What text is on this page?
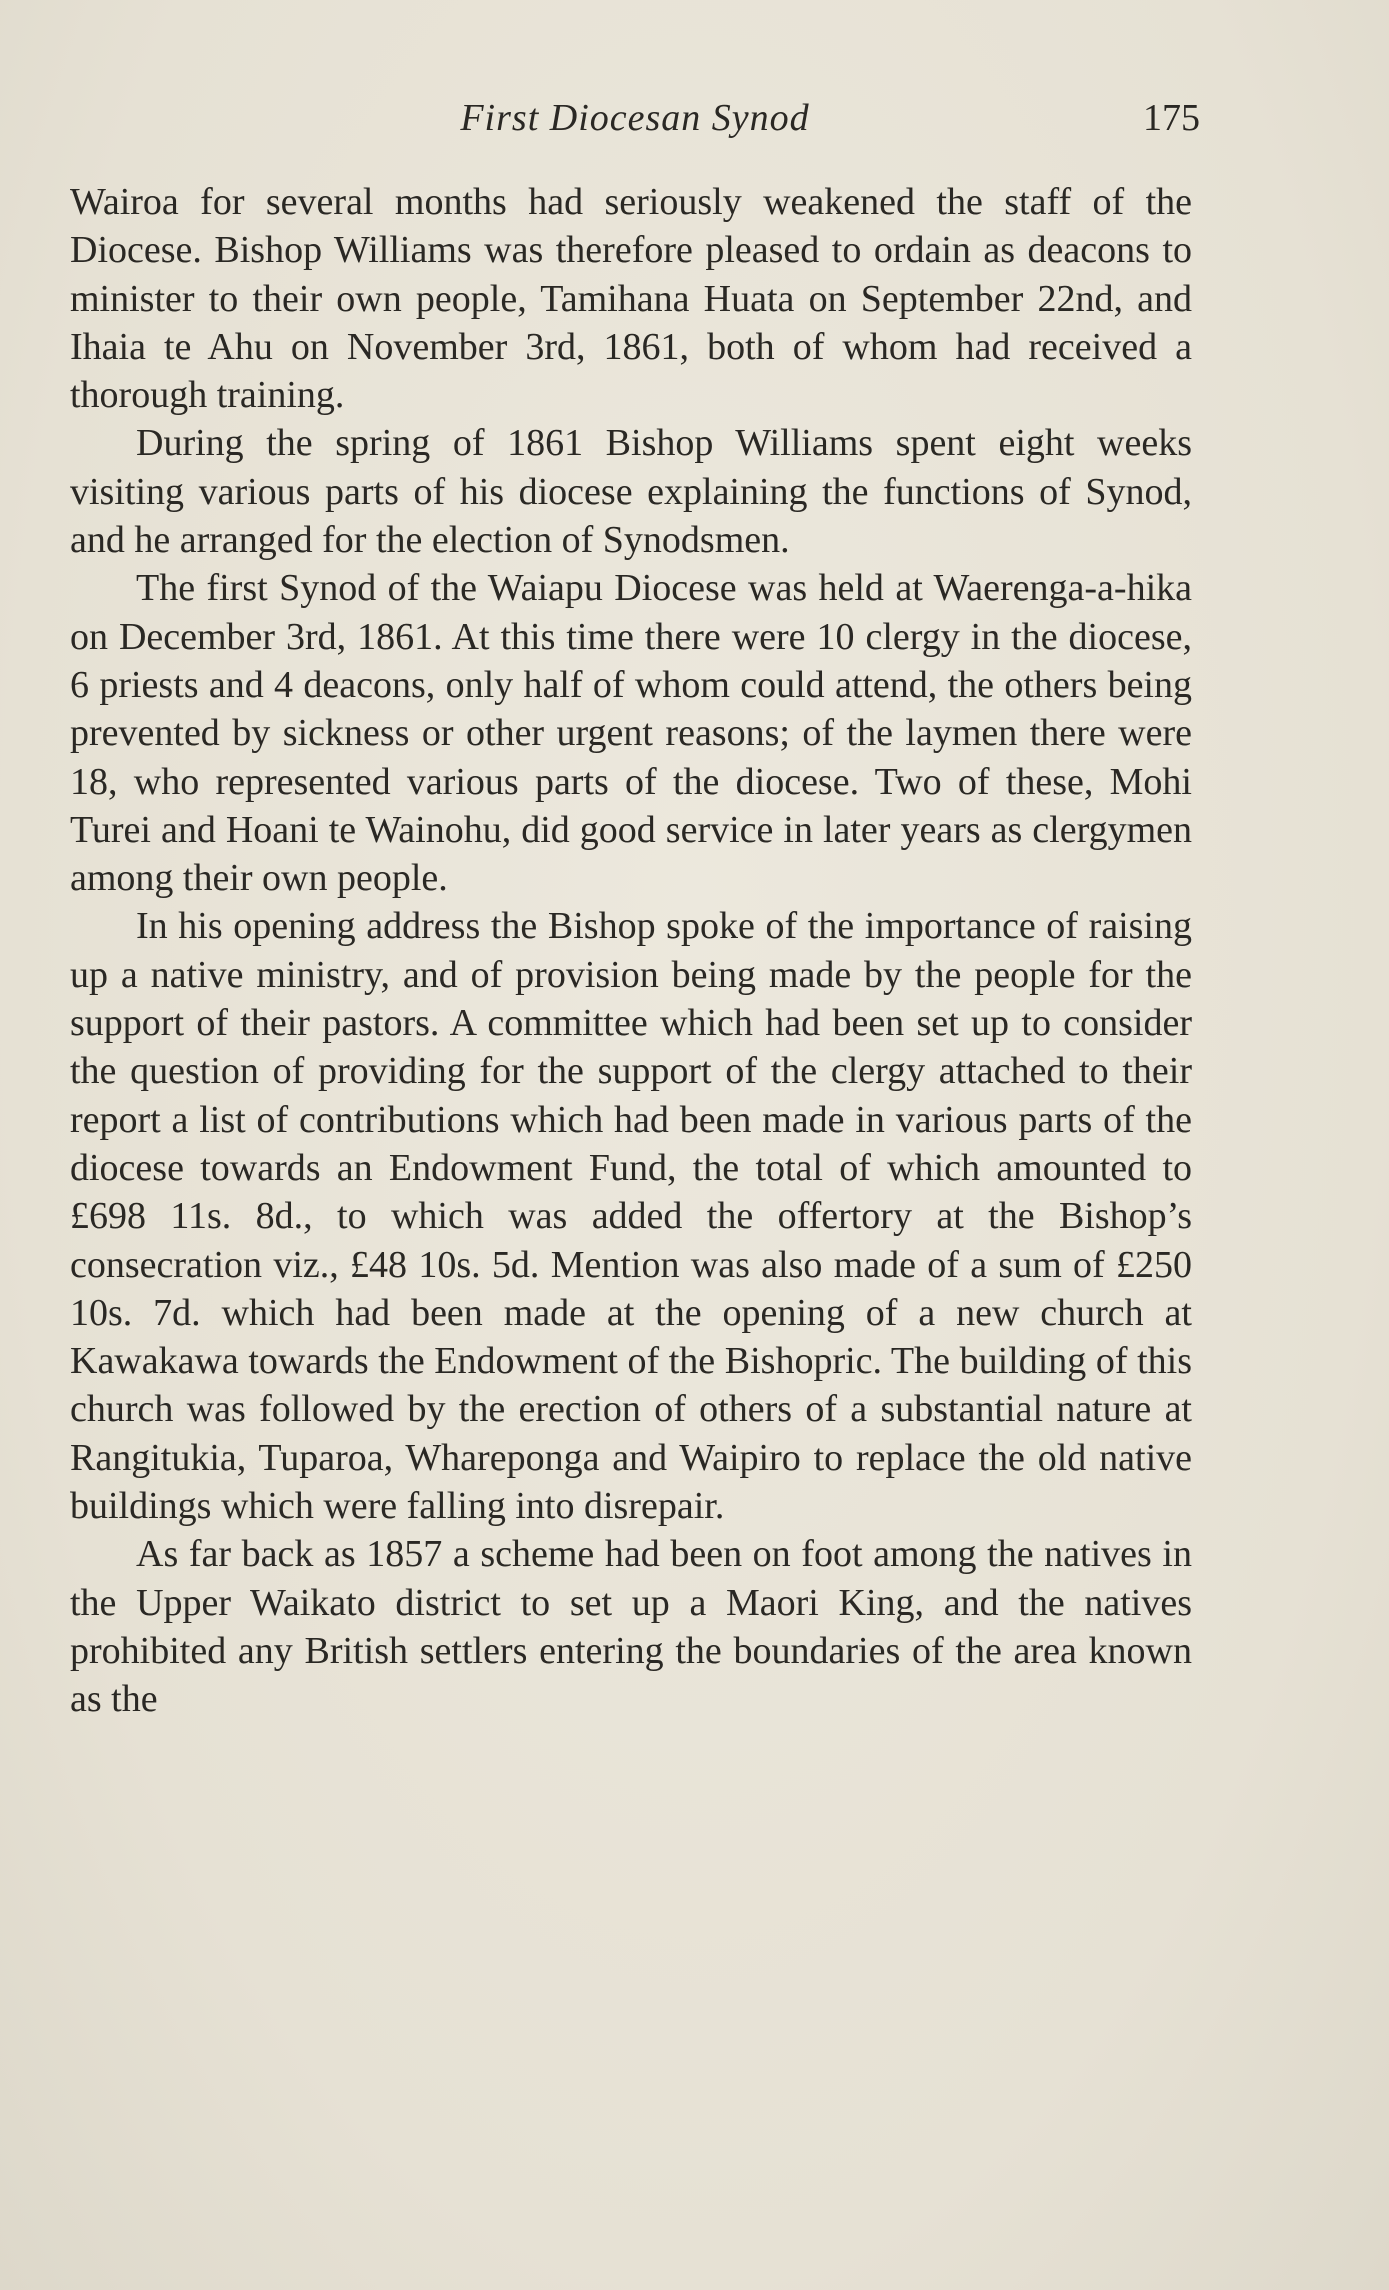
First Diocesan Synod	175

Wairoa for several months had seriously weakened the staff of the Diocese. Bishop Williams was therefore pleased to ordain as deacons to minister to their own people, Tamihana Huata on September 22nd, and Ihaia te Ahu on November 3rd, 1861, both of whom had received a thorough training.

During the spring of 1861 Bishop Williams spent eight weeks visiting various parts of his diocese explaining the functions of Synod, and he arranged for the election of Synodsmen.

The first Synod of the Waiapu Diocese was held at Waerenga-a-hika on December 3rd, 1861. At this time there were 10 clergy in the diocese, 6 priests and 4 deacons, only half of whom could attend, the others being prevented by sickness or other urgent reasons; of the laymen there were 18, who represented various parts of the diocese. Two of these, Mohi Turei and Hoani te Wainohu, did good service in later years as clergymen among their own people.

In his opening address the Bishop spoke of the importance of raising up a native ministry, and of provision being made by the people for the support of their pastors. A committee which had been set up to consider the question of providing for the support of the clergy attached to their report a list of contributions which had been made in various parts of the diocese towards an Endowment Fund, the total of which amounted to £698 11s. 8d., to which was added the offertory at the Bishop’s consecration viz., £48 10s. 5d. Mention was also made of a sum of £250 10s. 7d. which had been made at the opening of a new church at Kawakawa towards the Endowment of the Bishopric. The building of this church was followed by the erection of others of a substantial nature at Rangitukia, Tuparoa, Whareponga and Waipiro to replace the old native buildings which were falling into disrepair.

As far back as 1857 a scheme had been on foot among the natives in the Upper Waikato district to set up a Maori King, and the natives prohibited any British settlers entering the boundaries of the area known as the
